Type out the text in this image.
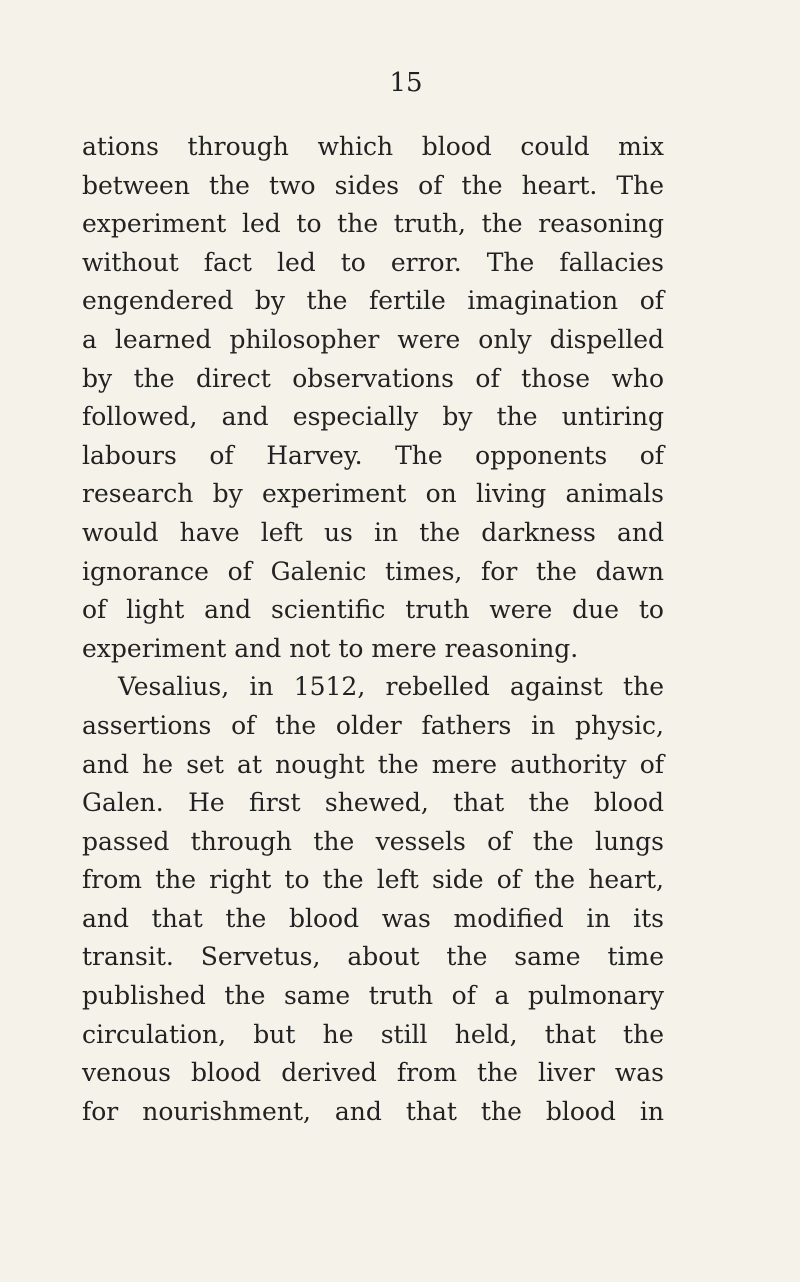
15
ations through which blood could mix
between the two sides of the heart. The
experiment led to the truth, the reasoning
without fact led to error. The fallacies
engendered by the fertile imagination of
a learned philosopher were only dispelled
by the direct observations of those who
followed, and especially by the untiring
labours of Harvey. The opponents of
research by experiment on living animals
would have left us in the darkness and
ignorance of Galenic times, for the dawn
of light and scientific truth were due to
experiment and not to mere reasoning.
Vesalius, in 1512, rebelled against the
assertions of the older fathers in physic,
and he set at nought the mere authority of
Galen. He first shewed, that the blood
passed through the vessels of the lungs
from the right to the left side of the heart,
and that the blood was modified in its
transit. Servetus, about the same time
published the same truth of a pulmonary
circulation, but he still held, that the
venous blood derived from the liver was
for nourishment, and that the blood in
